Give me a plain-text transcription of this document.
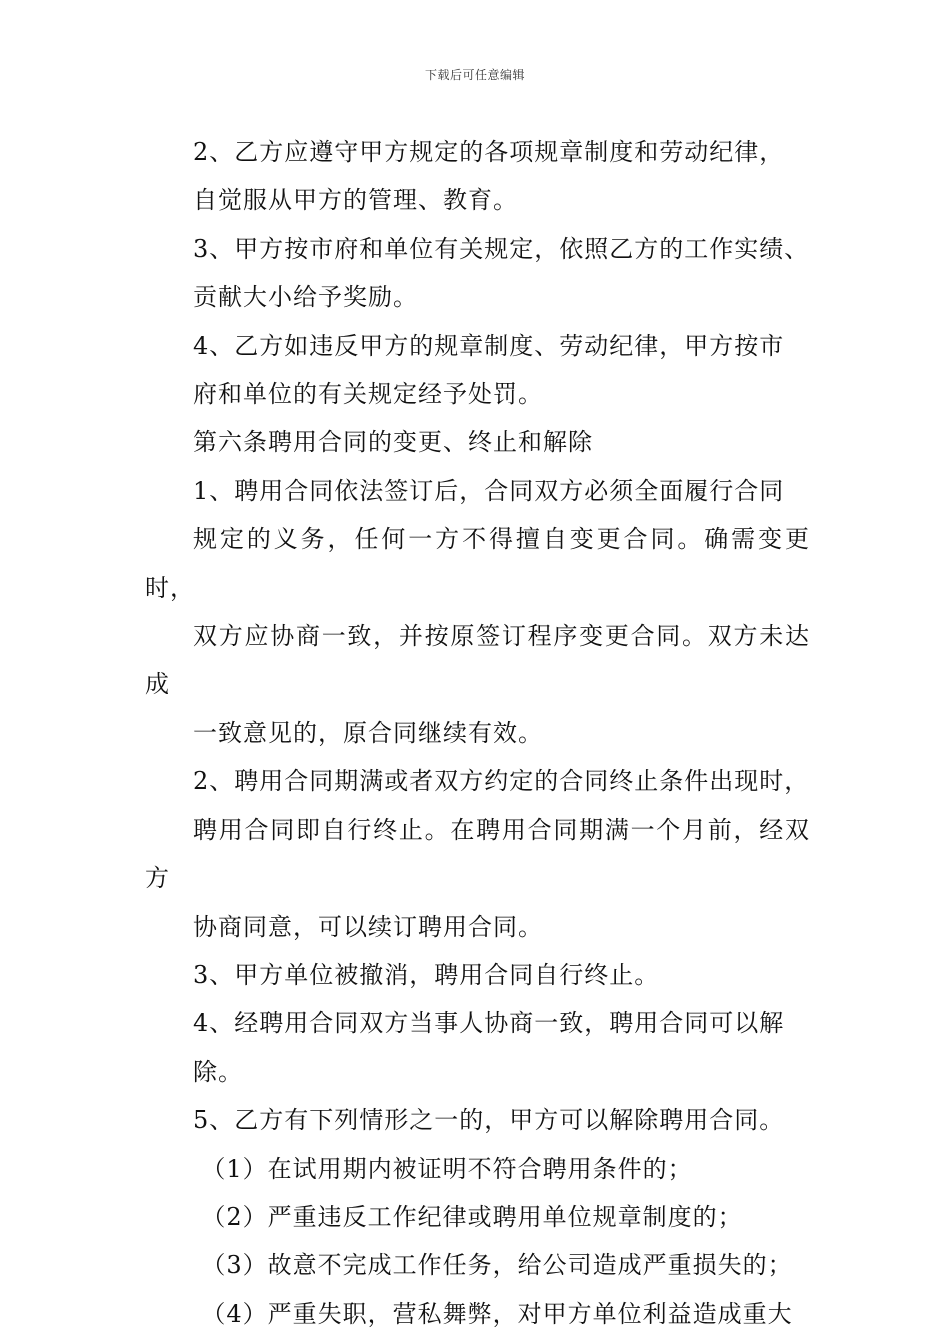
下载后可任意编辑

2、乙方应遵守甲方规定的各项规章制度和劳动纪律，
自觉服从甲方的管理、教育。

3、甲方按市府和单位有关规定，依照乙方的工作实绩、
贡献大小给予奖励。

4、乙方如违反甲方的规章制度、劳动纪律，甲方按市
府和单位的有关规定经予处罚。

第六条聘用合同的变更、终止和解除

1、聘用合同依法签订后，合同双方必须全面履行合同
规定的义务，任何一方不得擅自变更合同。确需变更时，
双方应协商一致，并按原签订程序变更合同。双方未达成
一致意见的，原合同继续有效。

2、聘用合同期满或者双方约定的合同终止条件出现时，
聘用合同即自行终止。在聘用合同期满一个月前，经双方
协商同意，可以续订聘用合同。

3、甲方单位被撤消，聘用合同自行终止。

4、经聘用合同双方当事人协商一致，聘用合同可以解
除。

5、乙方有下列情形之一的，甲方可以解除聘用合同。

（1）在试用期内被证明不符合聘用条件的；

（2）严重违反工作纪律或聘用单位规章制度的；

（3）故意不完成工作任务，给公司造成严重损失的；

（4）严重失职，营私舞弊，对甲方单位利益造成重大
